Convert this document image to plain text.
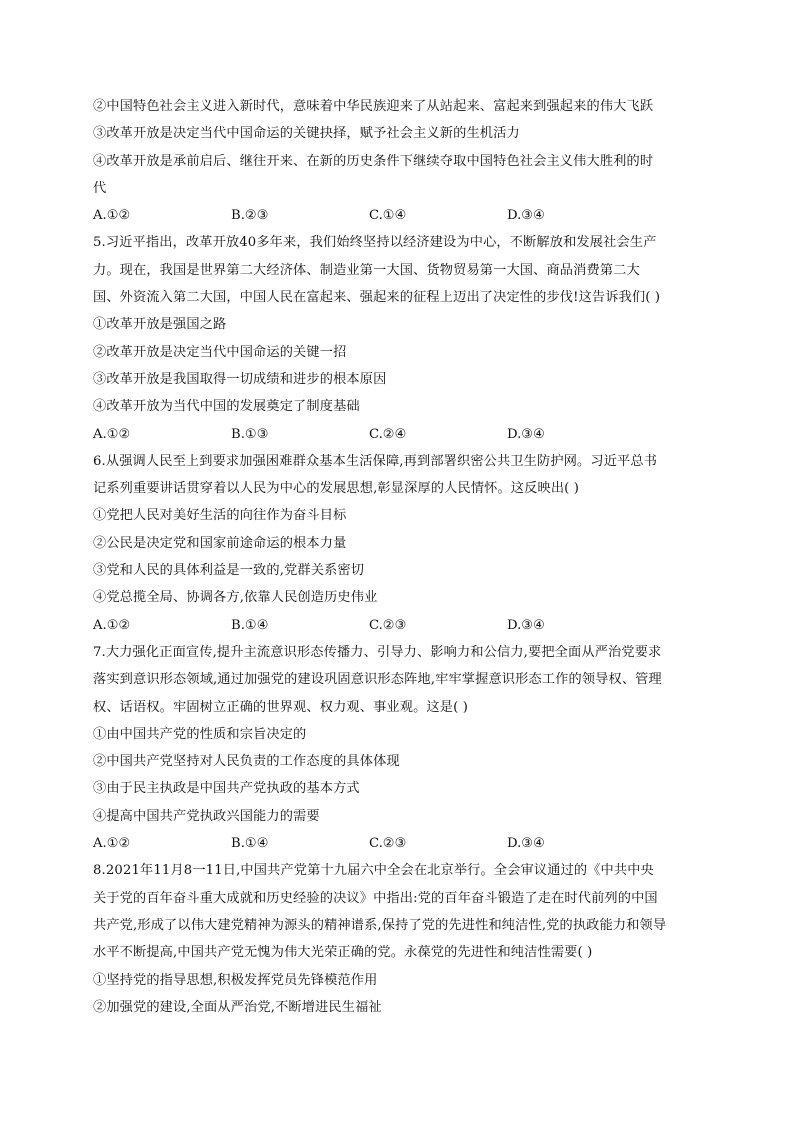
②中国特色社会主义进入新时代，意味着中华民族迎来了从站起来、富起来到强起来的伟大飞跃
③改革开放是决定当代中国命运的关键抉择，赋予社会主义新的生机活力
④改革开放是承前启后、继往开来、在新的历史条件下继续夺取中国特色社会主义伟大胜利的时
代
A.①②	B.②③	C.①④	D.③④
5.习近平指出，改革开放40多年来，我们始终坚持以经济建设为中心，不断解放和发展社会生产
力。现在，我国是世界第二大经济体、制造业第一大国、货物贸易第一大国、商品消费第二大
国、外资流入第二大国，中国人民在富起来、强起来的征程上迈出了决定性的步伐!这告诉我们( )
①改革开放是强国之路
②改革开放是决定当代中国命运的关键一招
③改革开放是我国取得一切成绩和进步的根本原因
④改革开放为当代中国的发展奠定了制度基础
A.①②	B.①③	C.②④	D.③④
6.从强调人民至上到要求加强困难群众基本生活保障,再到部署织密公共卫生防护网。习近平总书
记系列重要讲话贯穿着以人民为中心的发展思想,彰显深厚的人民情怀。这反映出( )
①党把人民对美好生活的向往作为奋斗目标
②公民是决定党和国家前途命运的根本力量
③党和人民的具体利益是一致的,党群关系密切
④党总揽全局、协调各方,依靠人民创造历史伟业
A.①②	B.①④	C.②③	D.③④
7.大力强化正面宣传,提升主流意识形态传播力、引导力、影响力和公信力,要把全面从严治党要求
落实到意识形态领域,通过加强党的建设巩固意识形态阵地,牢牢掌握意识形态工作的领导权、管理
权、话语权。牢固树立正确的世界观、权力观、事业观。这是( )
①由中国共产党的性质和宗旨决定的
②中国共产党坚持对人民负责的工作态度的具体体现
③由于民主执政是中国共产党执政的基本方式
④提高中国共产党执政兴国能力的需要
A.①②	B.①④	C.②③	D.③④
8.2021年11月8一11日,中国共产党第十九届六中全会在北京举行。全会审议通过的《中共中央
关于党的百年奋斗重大成就和历史经验的决议》中指出:党的百年奋斗锻造了走在时代前列的中国
共产党,形成了以伟大建党精神为源头的精神谱系,保持了党的先进性和纯洁性,党的执政能力和领导
水平不断提高,中国共产党无愧为伟大光荣正确的党。永葆党的先进性和纯洁性需要( )
①坚持党的指导思想,积极发挥党员先锋模范作用
②加强党的建设,全面从严治党,不断增进民生福祉
